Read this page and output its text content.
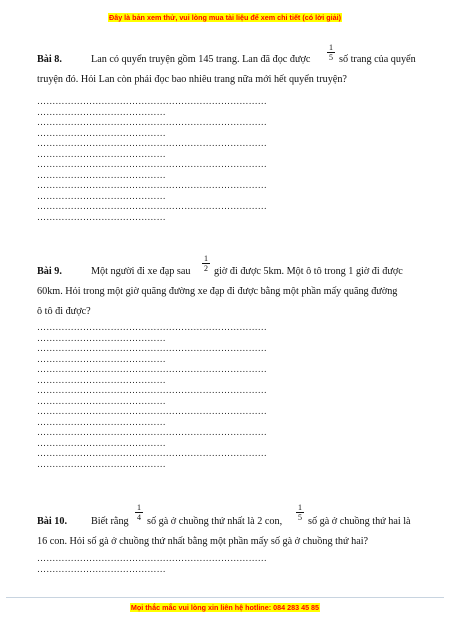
Đây là bản xem thử, vui lòng mua tài liệu để xem chi tiết (có lời giải)
Bài 8.	Lan có quyển truyện gồm 145 trang. Lan đã đọc được $\frac{1}{5}$ số trang của quyển
truyện đó. Hỏi Lan còn phải đọc bao nhiêu trang nữa mới hết quyển truyện?
…………………………………………………………………
……………………………………
…………………………………………………………………
……………………………………
…………………………………………………………………
……………………………………
…………………………………………………………………
……………………………………
…………………………………………………………………
……………………………………
…………………………………………………………………
……………………………………
Bài 9.	Một người đi xe đạp sau $\frac{1}{2}$ giờ đi được 5km. Một ô tô trong 1 giờ đi được
60km. Hỏi trong một giờ quãng đường xe đạp đi được bằng một phần mấy quãng đường
ô tô đi được?
…………………………………………………………………
……………………………………
…………………………………………………………………
……………………………………
…………………………………………………………………
……………………………………
…………………………………………………………………
……………………………………
…………………………………………………………………
……………………………………
…………………………………………………………………
……………………………………
…………………………………………………………………
……………………………………
Bài 10. Biết rằng $\frac{1}{4}$ số gà ở chuồng thứ nhất là 2 con, $\frac{1}{5}$ số gà ở chuồng thứ hai là
16 con. Hỏi số gà ở chuồng thứ nhất bằng một phần mấy số gà ở chuồng thứ hai?
…………………………………………………………………
……………………………………
Mọi thắc mắc vui lòng xin liên hệ hotline: 084 283 45 85
